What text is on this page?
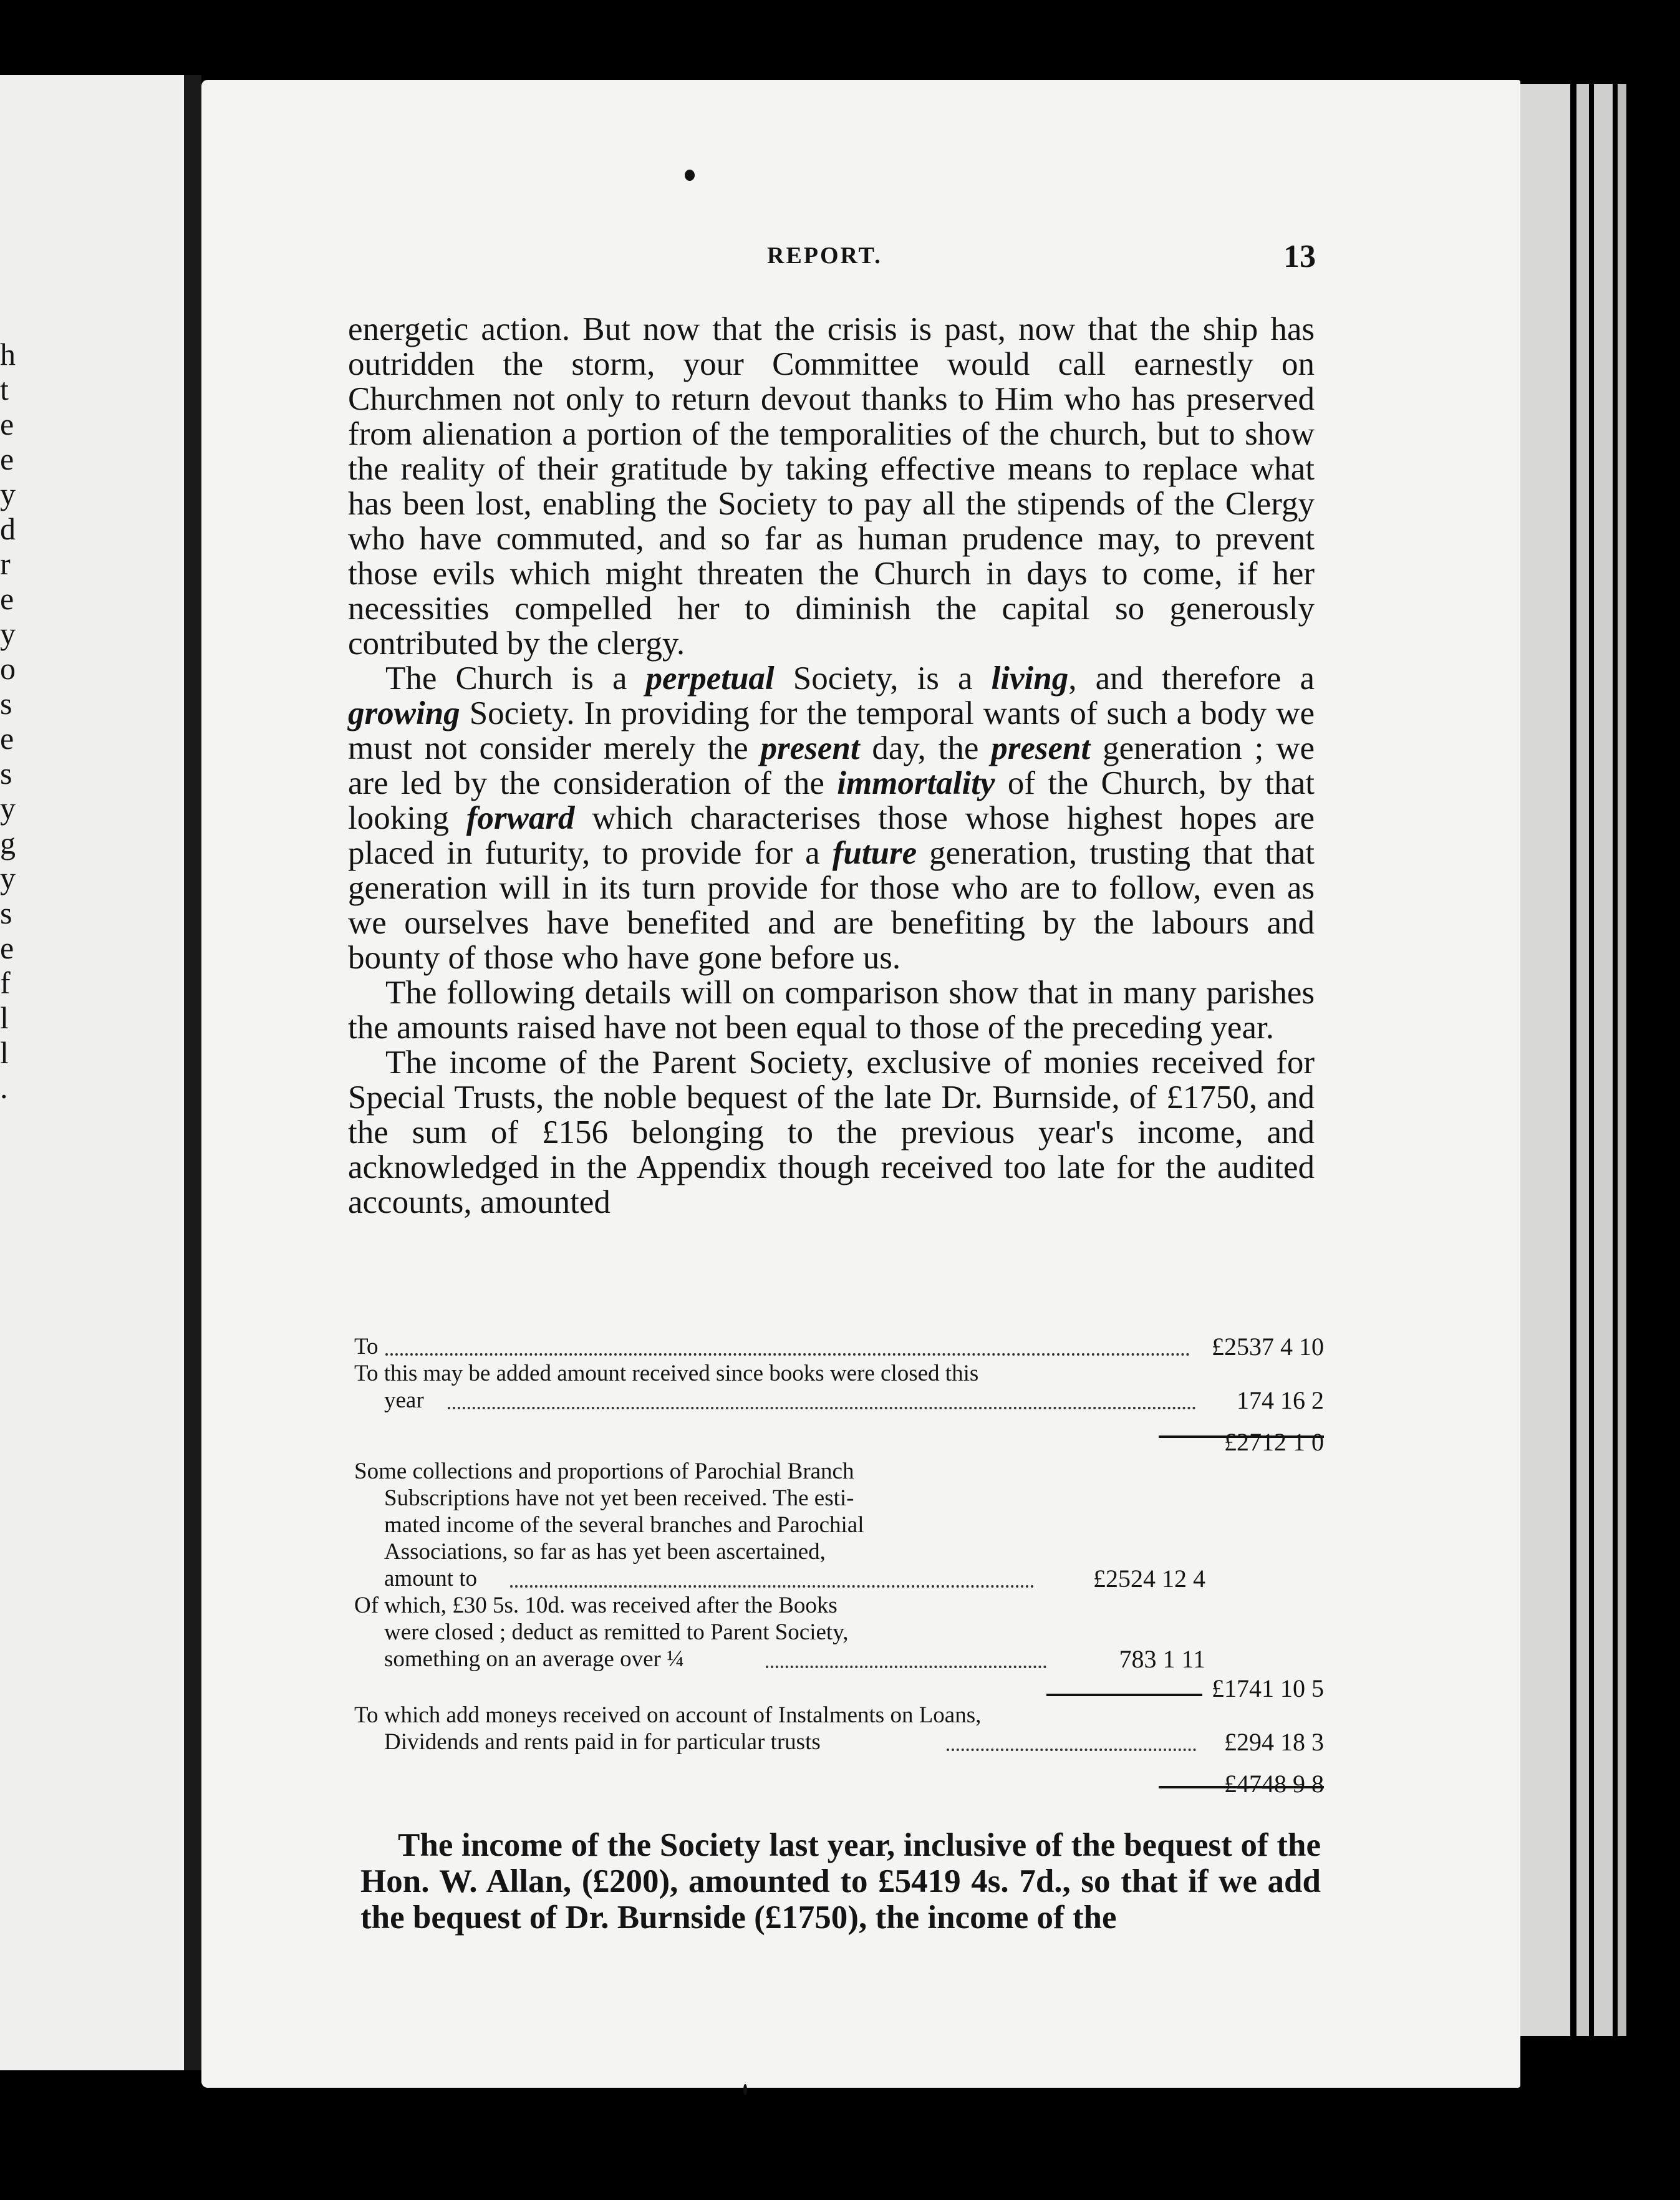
h
t
e
e
y
d
r
e
y
o
s
e
s
y
g
y
s
e
f
l
l
.
REPORT.	13

energetic action. But now that the crisis is past, now that the ship has outridden the storm, your Committee would call earnestly on Churchmen not only to return devout thanks to Him who has preserved from alienation a portion of the temporalities of the church, but to show the reality of their gratitude by taking effective means to replace what has been lost, enabling the Society to pay all the stipends of the Clergy who have commuted, and so far as human prudence may, to prevent those evils which might threaten the Church in days to come, if her necessities compelled her to diminish the capital so generously contributed by the clergy.

The Church is a perpetual Society, is a living, and therefore a growing Society. In providing for the temporal wants of such a body we must not consider merely the present day, the present generation ; we are led by the consideration of the immortality of the Church, by that looking forward which characterises those whose highest hopes are placed in futurity, to provide for a future generation, trusting that that generation will in its turn provide for those who are to follow, even as we ourselves have benefited and are benefiting by the labours and bounty of those who have gone before us.

The following details will on comparison show that in many parishes the amounts raised have not been equal to those of the preceding year.

The income of the Parent Society, exclusive of monies received for Special Trusts, the noble bequest of the late Dr. Burnside, of £1750, and the sum of £156 belonging to the previous year's income, and acknowledged in the Appendix though received too late for the audited accounts, amounted

To	£2537 4 10
To this may be added amount received since books were closed this
year	174 16 2
£2712 1 0
Some collections and proportions of Parochial Branch
Subscriptions have not yet been received. The esti-
mated income of the several branches and Parochial
Associations, so far as has yet been ascertained,
amount to	£2524 12 4
Of which, £30 5s. 10d. was received after the Books
were closed ; deduct as remitted to Parent Society,
something on an average over ¼	783 1 11
£1741 10 5
To which add moneys received on account of Instalments on Loans,
Dividends and rents paid in for particular trusts	£294 18 3
£4748 9 8

The income of the Society last year, inclusive of the bequest of the Hon. W. Allan, (£200), amounted to £5419 4s. 7d., so that if we add the bequest of Dr. Burnside (£1750), the income of the
